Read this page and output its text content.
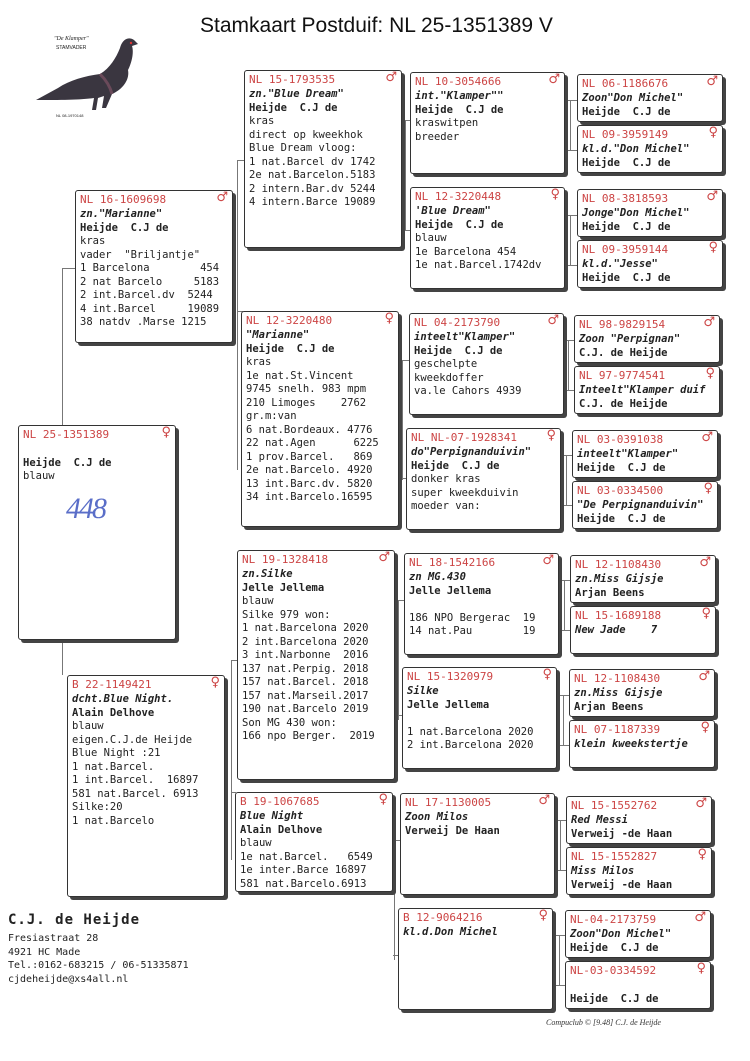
Stamkaart Postduif: NL 25-1351389 V
"De Klamper"
STAMVADER
NL 08-1970148
NL 25-1351389	♀
Heijde  C.J de
blauw
NL 16-1609698	♂
zn."Marianne"
Heijde  C.J de
kras
vader  "Briljantje"
1 Barcelona        454
2 nat Barcelo     5183
2 int.Barcel.dv  5244
4 int.Barcel     19089
38 natdv .Marse 1215
B 22-1149421	♀
dcht.Blue Night.
Alain Delhove
blauw
eigen.C.J.de Heijde
Blue Night :21
1 nat.Barcel.
1 int.Barcel.  16897
581 nat.Barcel. 6913
Silke:20
1 nat.Barcelo
NL 15-1793535	♂
zn."Blue Dream"
Heijde  C.J de
kras
direct op kweekhok
Blue Dream vloog:
1 nat.Barcel dv 1742
2e nat.Barcelon.5183
2 intern.Bar.dv 5244
4 intern.Barce 19089
NL 12-3220480	♀
"Marianne"
Heijde  C.J de
kras
1e nat.St.Vincent
9745 snelh. 983 mpm
210 Limoges    2762
gr.m:van
6 nat.Bordeaux. 4776
22 nat.Agen      6225
1 prov.Barcel.   869
2e nat.Barcelo. 4920
13 int.Barc.dv. 5820
34 int.Barcelo.16595
NL 19-1328418	♂
zn.Silke
Jelle Jellema
blauw
Silke 979 won:
1 nat.Barcelona 2020
2 int.Barcelona 2020
3 int.Narbonne  2016
137 nat.Perpig. 2018
157 nat.Barcel. 2018
157 nat.Marseil.2017
190 nat.Barcelo 2019
Son MG 430 won:
166 npo Berger.  2019
B 19-1067685	♀
Blue Night
Alain Delhove
blauw
1e nat.Barcel.   6549
1e inter.Barce 16897
581 nat.Barcelo.6913
NL 10-3054666	♂
int."Klamper""
Heijde  C.J de
kraswitpen
breeder
NL 12-3220448	♀
'Blue Dream"
Heijde  C.J de
blauw
1e Barcelona 454
1e nat.Barcel.1742dv
NL 04-2173790	♂
inteelt"Klamper"
Heijde  C.J de
geschelpte
kweekdoffer
va.le Cahors 4939
NL NL-07-1928341 ♀
do"Perpignanduivin"
Heijde  C.J de
donker kras
super kweekduivin
moeder van:
NL 18-1542166	♂
zn MG.430
Jelle Jellema
186 NPO Bergerac  19
14 nat.Pau        19
NL 15-1320979	♀
Silke
Jelle Jellema
1 nat.Barcelona 2020
2 int.Barcelona 2020
NL 17-1130005	♂
Zoon Milos
Verweij De Haan
B 12-9064216	♀
kl.d.Don Michel
NL 06-1186676	♂
Zoon"Don Michel"
Heijde  C.J de
NL 09-3959149	♀
kl.d."Don Michel"
Heijde  C.J de
NL 08-3818593	♂
Jonge"Don Michel"
Heijde  C.J de
NL 09-3959144	♀
kl.d."Jesse"
Heijde  C.J de
NL 98-9829154	♂
Zoon "Perpignan"
C.J. de Heijde
NL 97-9774541	♀
Inteelt"Klamper duif
C.J. de Heijde
NL 03-0391038	♂
inteelt"Klamper"
Heijde  C.J de
NL 03-0334500	♀
"De Perpignanduivin"
Heijde  C.J de
NL 12-1108430	♂
zn.Miss Gijsje
Arjan Beens
NL 15-1689188	♀
New Jade    7
NL 12-1108430	♂
zn.Miss Gijsje
Arjan Beens
NL 07-1187339	♀
klein kweekstertje
NL 15-1552762	♂
Red Messi
Verweij -de Haan
NL 15-1552827	♀
Miss Milos
Verweij -de Haan
NL-04-2173759	♂
Zoon"Don Michel"
Heijde  C.J de
NL-03-0334592	♀
Heijde  C.J de
448
C.J. de Heijde
Fresiastraat 28
4921 HC Made
Tel.:0162-683215 / 06-51335871
cjdeheijde@xs4all.nl
Compuclub © [9.48] C.J. de Heijde
